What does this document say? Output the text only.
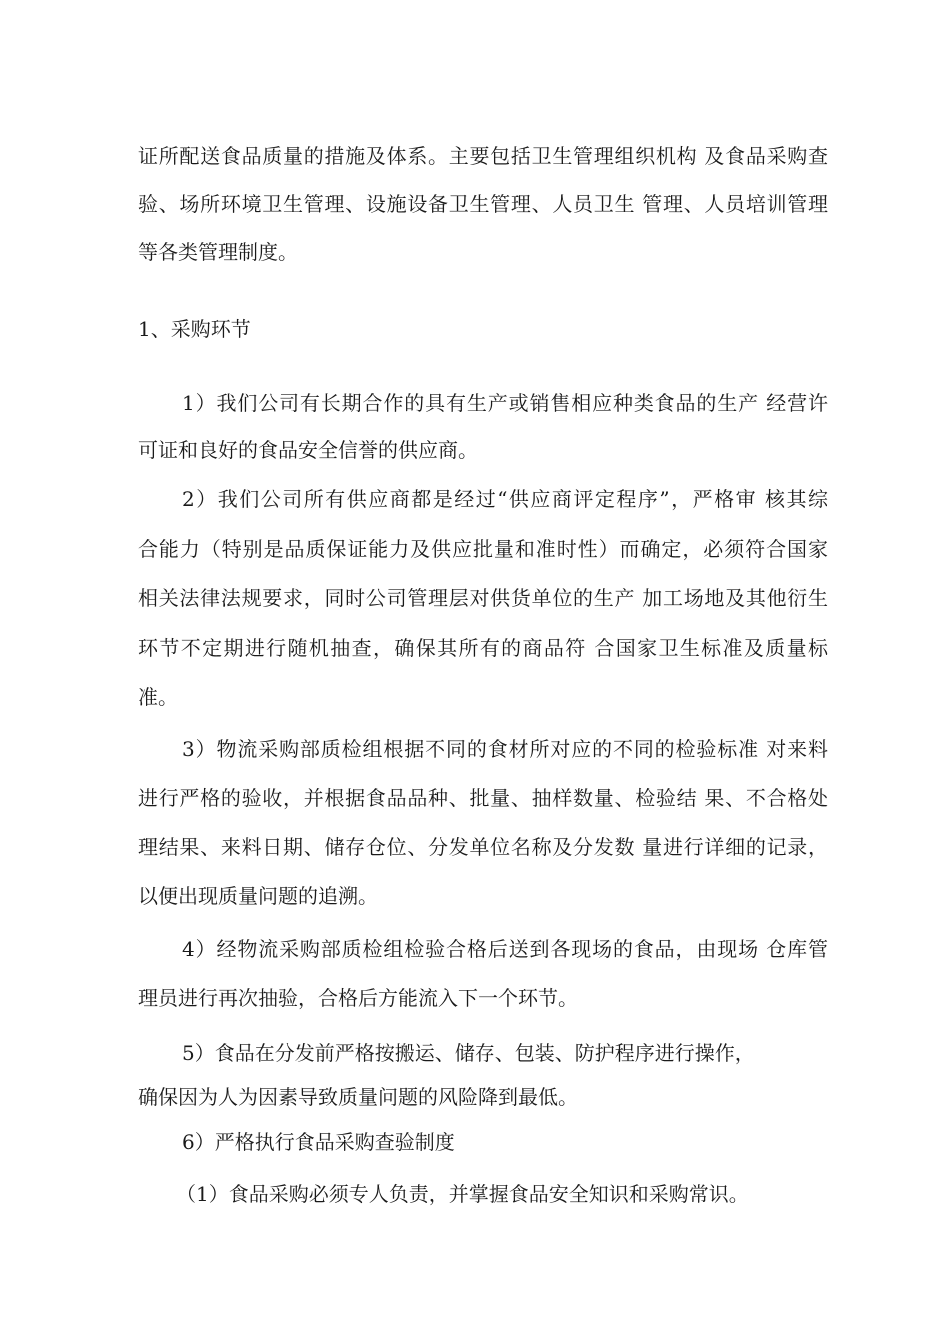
证所配送食品质量的措施及体系。主要包括卫生管理组织机构 及食品采购查
验、场所环境卫生管理、设施设备卫生管理、人员卫生 管理、人员培训管理
等各类管理制度。
1、采购环节
1）我们公司有长期合作的具有生产或销售相应种类食品的生产 经营许
可证和良好的食品安全信誉的供应商。
2）我们公司所有供应商都是经过“供应商评定程序”，严格审 核其综
合能力（特别是品质保证能力及供应批量和准时性）而确定，必须符合国家
相关法律法规要求，同时公司管理层对供货单位的生产 加工场地及其他衍生
环节不定期进行随机抽查，确保其所有的商品符 合国家卫生标准及质量标
准。
3）物流采购部质检组根据不同的食材所对应的不同的检验标准 对来料
进行严格的验收，并根据食品品种、批量、抽样数量、检验结 果、不合格处
理结果、来料日期、储存仓位、分发单位名称及分发数 量进行详细的记录，
以便出现质量问题的追溯。
4）经物流采购部质检组检验合格后送到各现场的食品，由现场 仓库管
理员进行再次抽验，合格后方能流入下一个环节。
5）食品在分发前严格按搬运、储存、包装、防护程序进行操作，
确保因为人为因素导致质量问题的风险降到最低。
6）严格执行食品采购查验制度
（1）食品采购必须专人负责，并掌握食品安全知识和采购常识。
